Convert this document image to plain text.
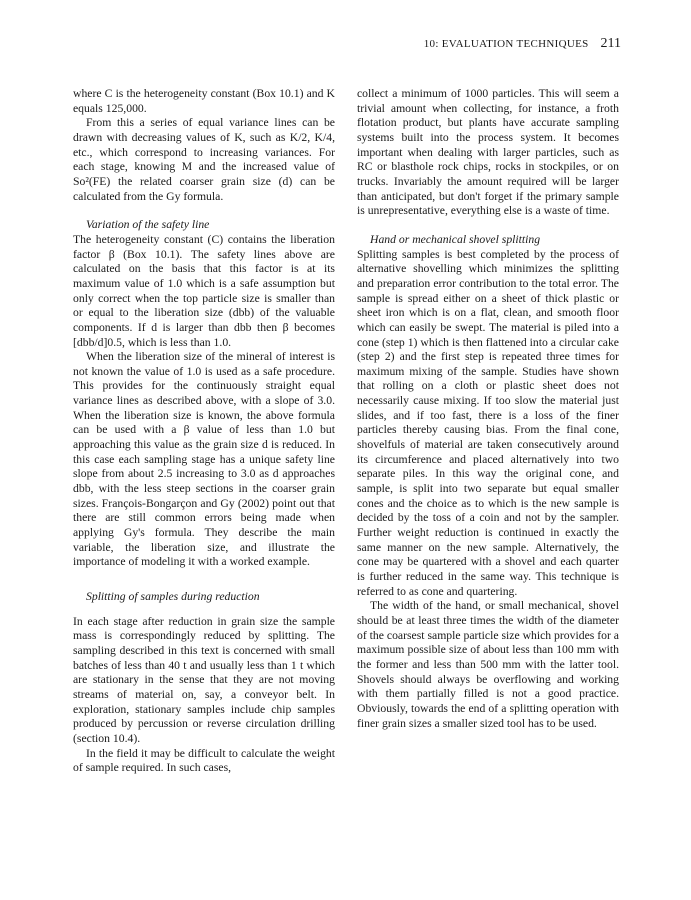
10: EVALUATION TECHNIQUES 211

where C is the heterogeneity constant (Box 10.1) and K equals 125,000.

From this a series of equal variance lines can be drawn with decreasing values of K, such as K/2, K/4, etc., which correspond to increasing variances. For each stage, knowing M and the increased value of So²(FE) the related coarser grain size (d) can be calculated from the Gy formula.

Variation of the safety line

The heterogeneity constant (C) contains the liberation factor β (Box 10.1). The safety lines above are calculated on the basis that this factor is at its maximum value of 1.0 which is a safe assumption but only correct when the top particle size is smaller than or equal to the liberation size (dbb) of the valuable components. If d is larger than dbb then β becomes [dbb/d]0.5, which is less than 1.0.

When the liberation size of the mineral of interest is not known the value of 1.0 is used as a safe procedure. This provides for the continuously straight equal variance lines as described above, with a slope of 3.0. When the liberation size is known, the above formula can be used with a β value of less than 1.0 but approaching this value as the grain size d is reduced. In this case each sampling stage has a unique safety line slope from about 2.5 increasing to 3.0 as d approaches dbb, with the less steep sections in the coarser grain sizes. François-Bongarçon and Gy (2002) point out that there are still common errors being made when applying Gy's formula. They describe the main variable, the liberation size, and illustrate the importance of modeling it with a worked example.

Splitting of samples during reduction

In each stage after reduction in grain size the sample mass is correspondingly reduced by splitting. The sampling described in this text is concerned with small batches of less than 40 t and usually less than 1 t which are stationary in the sense that they are not moving streams of material on, say, a conveyor belt. In exploration, stationary samples include chip samples produced by percussion or reverse circulation drilling (section 10.4).

In the field it may be difficult to calculate the weight of sample required. In such cases,

collect a minimum of 1000 particles. This will seem a trivial amount when collecting, for instance, a froth flotation product, but plants have accurate sampling systems built into the process system. It becomes important when dealing with larger particles, such as RC or blasthole rock chips, rocks in stockpiles, or on trucks. Invariably the amount required will be larger than anticipated, but don't forget if the primary sample is unrepresentative, everything else is a waste of time.

Hand or mechanical shovel splitting

Splitting samples is best completed by the process of alternative shovelling which minimizes the splitting and preparation error contribution to the total error. The sample is spread either on a sheet of thick plastic or sheet iron which is on a flat, clean, and smooth floor which can easily be swept. The material is piled into a cone (step 1) which is then flattened into a circular cake (step 2) and the first step is repeated three times for maximum mixing of the sample. Studies have shown that rolling on a cloth or plastic sheet does not necessarily cause mixing. If too slow the material just slides, and if too fast, there is a loss of the finer particles thereby causing bias. From the final cone, shovelfuls of material are taken consecutively around its circumference and placed alternatively into two separate piles. In this way the original cone, and sample, is split into two separate but equal smaller cones and the choice as to which is the new sample is decided by the toss of a coin and not by the sampler. Further weight reduction is continued in exactly the same manner on the new sample. Alternatively, the cone may be quartered with a shovel and each quarter is further reduced in the same way. This technique is referred to as cone and quartering.

The width of the hand, or small mechanical, shovel should be at least three times the width of the diameter of the coarsest sample particle size which provides for a maximum possible size of about less than 100 mm with the former and less than 500 mm with the latter tool. Shovels should always be overflowing and working with them partially filled is not a good practice. Obviously, towards the end of a splitting operation with finer grain sizes a smaller sized tool has to be used.
